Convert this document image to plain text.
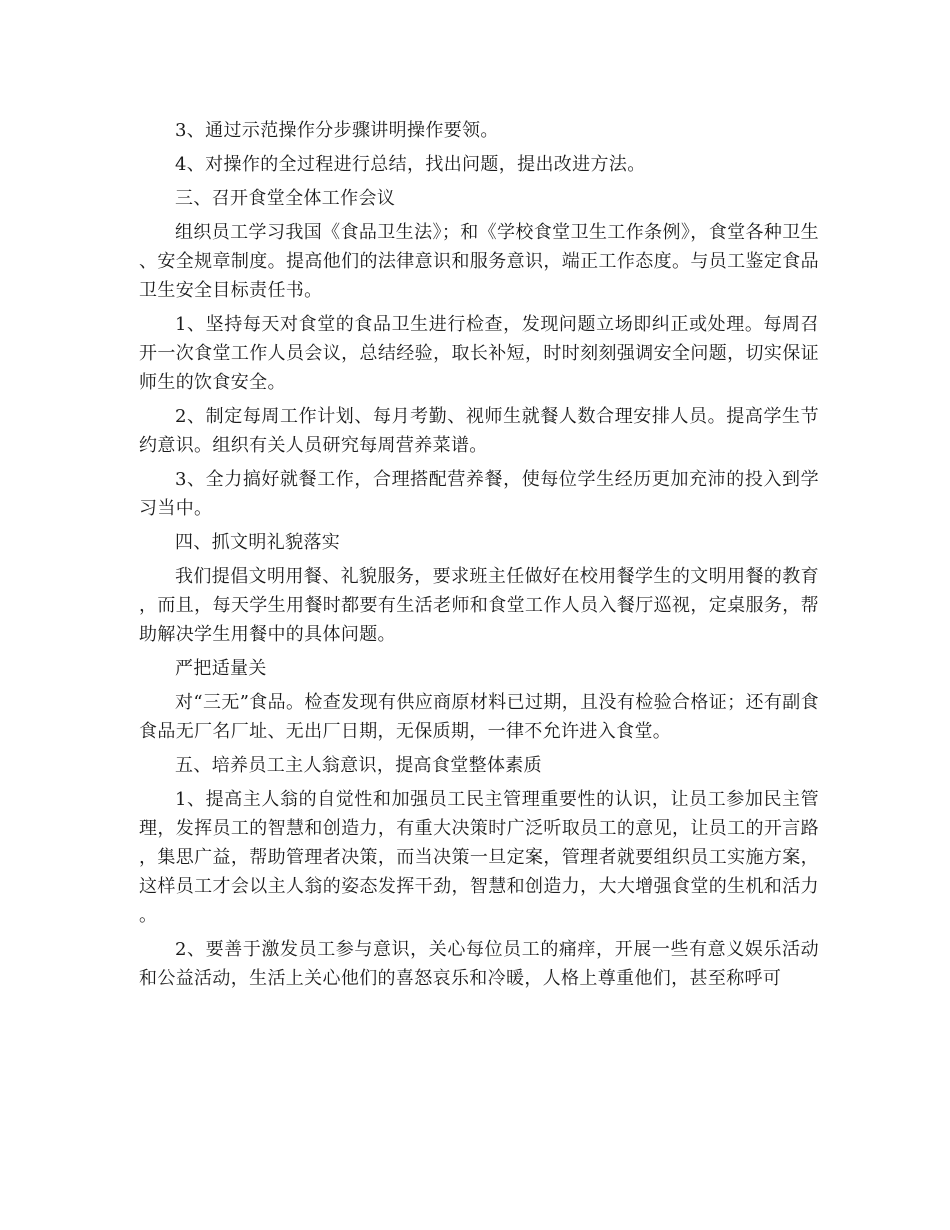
3、通过示范操作分步骤讲明操作要领。

4、对操作的全过程进行总结，找出问题，提出改进方法。

三、召开食堂全体工作会议

组织员工学习我国《食品卫生法》；和《学校食堂卫生工作条例》，食堂各种卫生、安全规章制度。提高他们的法律意识和服务意识，端正工作态度。与员工鉴定食品卫生安全目标责任书。

1、坚持每天对食堂的食品卫生进行检查，发现问题立场即纠正或处理。每周召开一次食堂工作人员会议，总结经验，取长补短，时时刻刻强调安全问题，切实保证师生的饮食安全。

2、制定每周工作计划、每月考勤、视师生就餐人数合理安排人员。提高学生节约意识。组织有关人员研究每周营养菜谱。

3、全力搞好就餐工作，合理搭配营养餐，使每位学生经历更加充沛的投入到学习当中。

四、抓文明礼貌落实

我们提倡文明用餐、礼貌服务，要求班主任做好在校用餐学生的文明用餐的教育，而且，每天学生用餐时都要有生活老师和食堂工作人员入餐厅巡视，定桌服务，帮助解决学生用餐中的具体问题。

严把适量关

对“三无”食品。检查发现有供应商原材料已过期，且没有检验合格证；还有副食食品无厂名厂址、无出厂日期，无保质期，一律不允许进入食堂。

五、培养员工主人翁意识，提高食堂整体素质

1、提高主人翁的自觉性和加强员工民主管理重要性的认识，让员工参加民主管理，发挥员工的智慧和创造力，有重大决策时广泛听取员工的意见，让员工的开言路，集思广益，帮助管理者决策，而当决策一旦定案，管理者就要组织员工实施方案，这样员工才会以主人翁的姿态发挥干劲，智慧和创造力，大大增强食堂的生机和活力。

2、要善于激发员工参与意识，关心每位员工的痛痒，开展一些有意义娱乐活动和公益活动，生活上关心他们的喜怒哀乐和冷暖，人格上尊重他们，甚至称呼可
